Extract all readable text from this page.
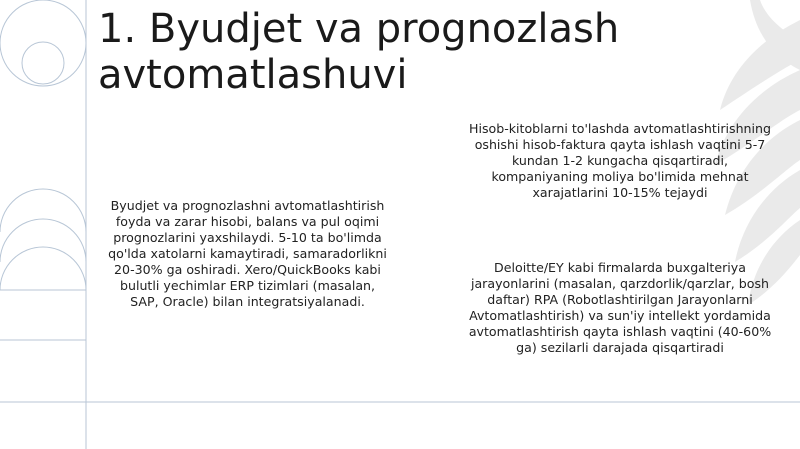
1. Byudjet va prognozlash avtomatlashuvi

Byudjet va prognozlashni avtomatlashtirish foyda va zarar hisobi, balans va pul oqimi prognozlarini yaxshilaydi. 5-10 ta bo'limda qo'lda xatolarni kamaytiradi, samaradorlikni 20-30% ga oshiradi. Xero/QuickBooks kabi bulutli yechimlar ERP tizimlari (masalan, SAP, Oracle) bilan integratsiyalanadi.

Hisob-kitoblarni to'lashda avtomatlashtirishning oshishi hisob-faktura qayta ishlash vaqtini 5-7 kundan 1-2 kungacha qisqartiradi, kompaniyaning moliya bo'limida mehnat xarajatlarini 10-15% tejaydi

Deloitte/EY kabi firmalarda buxgalteriya jarayonlarini (masalan, qarzdorlik/qarzlar, bosh daftar) RPA (Robotlashtirilgan Jarayonlarni Avtomatlashtirish) va sun'iy intellekt yordamida avtomatlashtirish qayta ishlash vaqtini (40-60% ga) sezilarli darajada qisqartiradi
